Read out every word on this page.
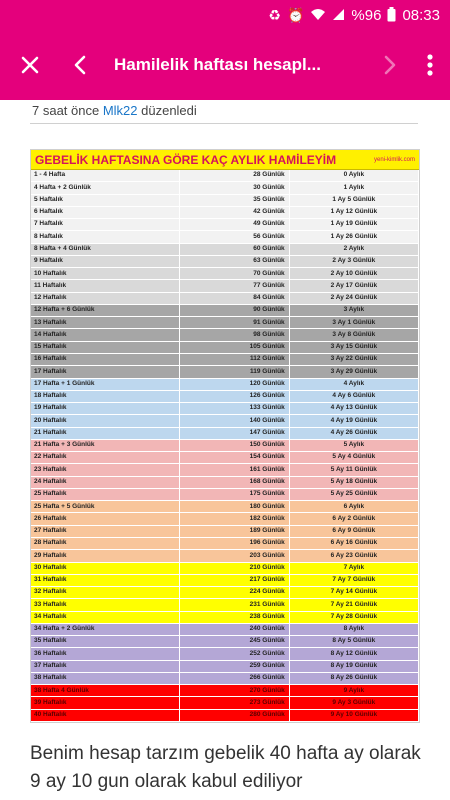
♻ ⏰	%96 08:33
Hamilelik haftası hesapl...
7 saat önce Mlk22 düzenledi
GEBELİK HAFTASINA GÖRE KAÇ AYLIK HAMİLEYİM	yeni-kimlik.com
1 - 4 Hafta	28 Günlük	0 Aylık
4 Hafta + 2 Günlük	30 Günlük	1 Aylık
5 Haftalık	35 Günlük	1 Ay 5 Günlük
6 Haftalık	42 Günlük	1 Ay 12 Günlük
7 Haftalık	49 Günlük	1 Ay 19 Günlük
8 Haftalık	56 Günlük	1 Ay 26 Günlük
8 Hafta + 4 Günlük	60 Günlük	2 Aylık
9 Haftalık	63 Günlük	2 Ay 3 Günlük
10 Haftalık	70 Günlük	2 Ay 10 Günlük
11 Haftalık	77 Günlük	2 Ay 17 Günlük
12 Haftalık	84 Günlük	2 Ay 24 Günlük
12 Hafta + 6 Günlük	90 Günlük	3 Aylık
13 Haftalık	91 Günlük	3 Ay 1 Günlük
14 Haftalık	98 Günlük	3 Ay 8 Günlük
15 Haftalık	105 Günlük	3 Ay 15 Günlük
16 Haftalık	112 Günlük	3 Ay 22 Günlük
17 Haftalık	119 Günlük	3 Ay 29 Günlük
17 Hafta + 1 Günlük	120 Günlük	4 Aylık
18 Haftalık	126 Günlük	4 Ay 6 Günlük
19 Haftalık	133 Günlük	4 Ay 13 Günlük
20 Haftalık	140 Günlük	4 Ay 19 Günlük
21 Haftalık	147 Günlük	4 Ay 26 Günlük
21 Hafta + 3 Günlük	150 Günlük	5 Aylık
22 Haftalık	154 Günlük	5 Ay 4 Günlük
23 Haftalık	161 Günlük	5 Ay 11 Günlük
24 Haftalık	168 Günlük	5 Ay 18 Günlük
25 Haftalık	175 Günlük	5 Ay 25 Günlük
25 Hafta + 5 Günlük	180 Günlük	6 Aylık
26 Haftalık	182 Günlük	6 Ay 2 Günlük
27 Haftalık	189 Günlük	6 Ay 9 Günlük
28 Haftalık	196 Günlük	6 Ay 16 Günlük
29 Haftalık	203 Günlük	6 Ay 23 Günlük
30 Haftalık	210 Günlük	7 Aylık
31 Haftalık	217 Günlük	7 Ay 7 Günlük
32 Haftalık	224 Günlük	7 Ay 14 Günlük
33 Haftalık	231 Günlük	7 Ay 21 Günlük
34 Haftalık	238 Günlük	7 Ay 28 Günlük
34 Hafta + 2 Günlük	240 Günlük	8 Aylık
35 Haftalık	245 Günlük	8 Ay 5 Günlük
36 Haftalık	252 Günlük	8 Ay 12 Günlük
37 Haftalık	259 Günlük	8 Ay 19 Günlük
38 Haftalık	266 Günlük	8 Ay 26 Günlük
38 Hafta 4 Günlük	270 Günlük	9 Aylık
39 Haftalık	273 Günlük	9 Ay 3 Günlük
40 Haftalık	280 Günlük	9 Ay 10 Günlük
Benim hesap tarzım gebelik 40 hafta ay olarak 9 ay 10 gun olarak kabul ediliyor
